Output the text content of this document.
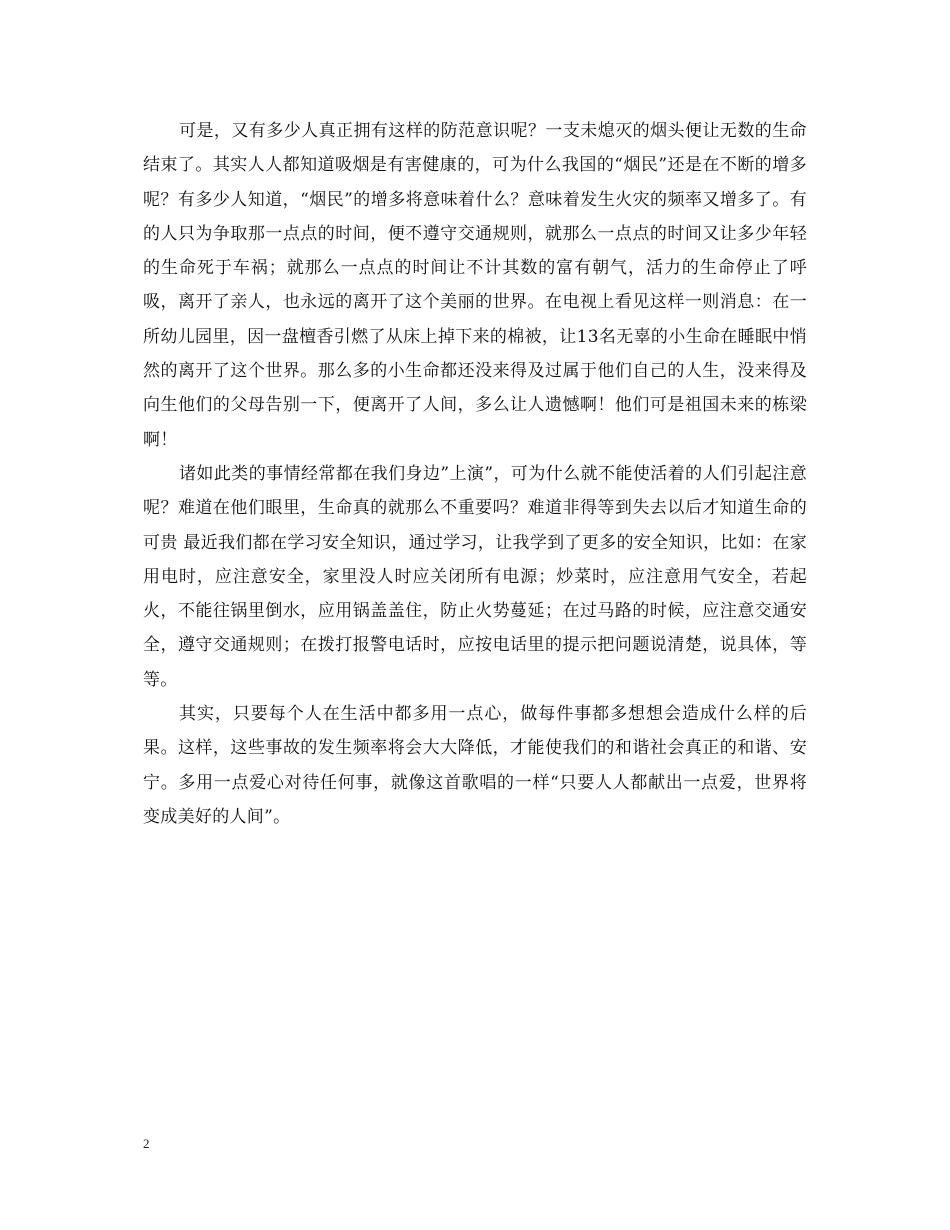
可是，又有多少人真正拥有这样的防范意识呢？一支未熄灭的烟头便让无数的生命结束了。其实人人都知道吸烟是有害健康的，可为什么我国的“烟民”还是在不断的增多呢？有多少人知道，“烟民”的增多将意味着什么？意味着发生火灾的频率又增多了。有的人只为争取那一点点的时间，便不遵守交通规则，就那么一点点的时间又让多少年轻的生命死于车祸；就那么一点点的时间让不计其数的富有朝气，活力的生命停止了呼吸，离开了亲人，也永远的离开了这个美丽的世界。在电视上看见这样一则消息：在一所幼儿园里，因一盘檀香引燃了从床上掉下来的棉被，让13名无辜的小生命在睡眠中悄然的离开了这个世界。那么多的小生命都还没来得及过属于他们自己的人生，没来得及向生他们的父母告别一下，便离开了人间，多么让人遗憾啊！他们可是祖国未来的栋梁啊！

诸如此类的事情经常都在我们身边”上演”，可为什么就不能使活着的人们引起注意呢？难道在他们眼里，生命真的就那么不重要吗？难道非得等到失去以后才知道生命的可贵 最近我们都在学习安全知识，通过学习，让我学到了更多的安全知识，比如：在家用电时，应注意安全，家里没人时应关闭所有电源；炒菜时，应注意用气安全，若起火，不能往锅里倒水，应用锅盖盖住，防止火势蔓延；在过马路的时候，应注意交通安全，遵守交通规则；在拨打报警电话时，应按电话里的提示把问题说清楚，说具体，等等。

其实，只要每个人在生活中都多用一点心，做每件事都多想想会造成什么样的后果。这样，这些事故的发生频率将会大大降低，才能使我们的和谐社会真正的和谐、安宁。多用一点爱心对待任何事，就像这首歌唱的一样“只要人人都献出一点爱，世界将变成美好的人间”。

2
